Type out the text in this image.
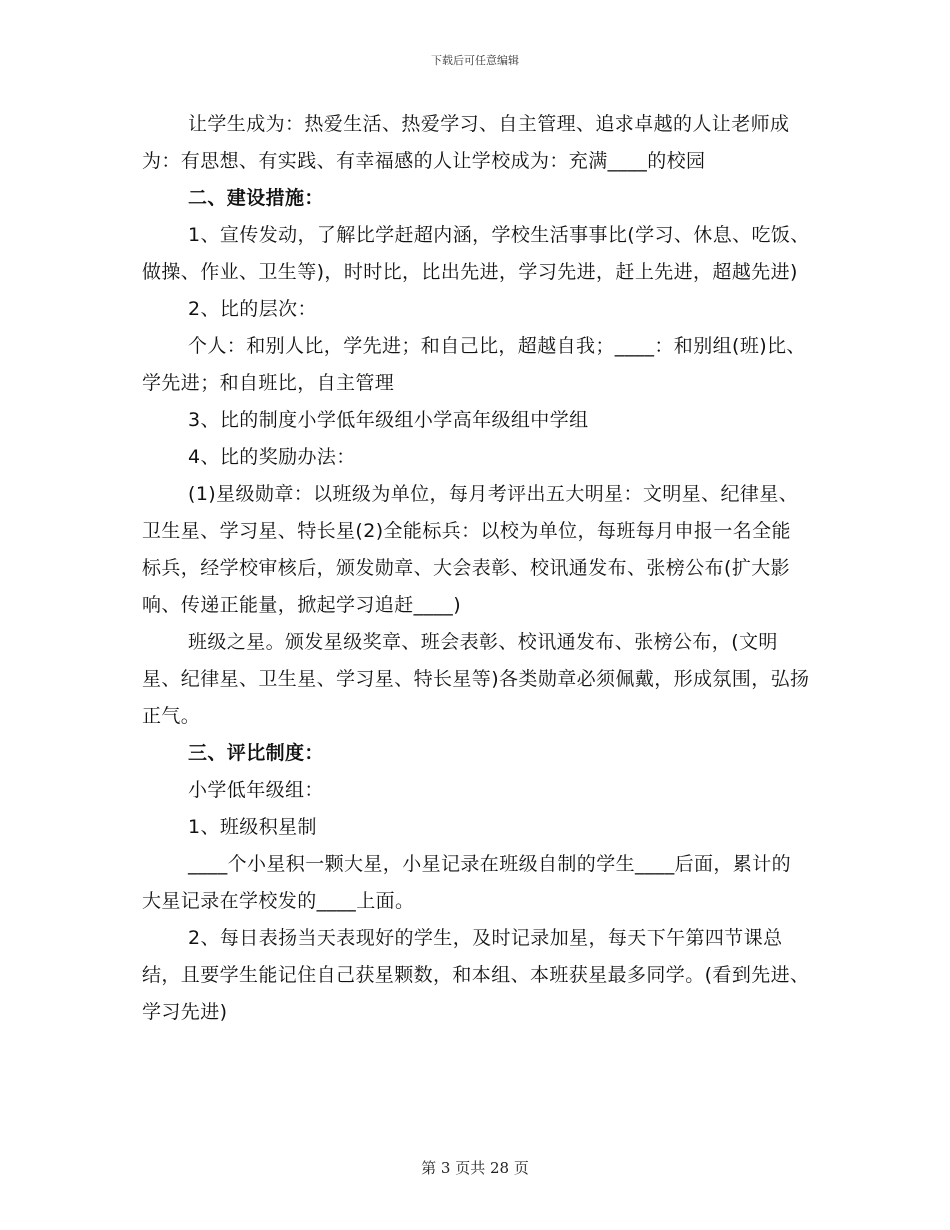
下载后可任意编辑

让学生成为：热爱生活、热爱学习、自主管理、追求卓越的人让老师成为：有思想、有实践、有幸福感的人让学校成为：充满____的校园

二、建设措施：

1、宣传发动，了解比学赶超内涵，学校生活事事比(学习、休息、吃饭、做操、作业、卫生等)，时时比，比出先进，学习先进，赶上先进，超越先进)

2、比的层次：

个人：和别人比，学先进；和自己比，超越自我；____：和别组(班)比、学先进；和自班比，自主管理

3、比的制度小学低年级组小学高年级组中学组

4、比的奖励办法：

(1)星级勋章：以班级为单位，每月考评出五大明星：文明星、纪律星、卫生星、学习星、特长星(2)全能标兵：以校为单位，每班每月申报一名全能标兵，经学校审核后，颁发勋章、大会表彰、校讯通发布、张榜公布(扩大影响、传递正能量，掀起学习追赶____)

班级之星。颁发星级奖章、班会表彰、校讯通发布、张榜公布，(文明星、纪律星、卫生星、学习星、特长星等)各类勋章必须佩戴，形成氛围，弘扬正气。

三、评比制度：

小学低年级组：

1、班级积星制

____个小星积一颗大星，小星记录在班级自制的学生____后面，累计的大星记录在学校发的____上面。

2、每日表扬当天表现好的学生，及时记录加星，每天下午第四节课总结，且要学生能记住自己获星颗数，和本组、本班获星最多同学。(看到先进、学习先进)

第 3 页共 28 页
